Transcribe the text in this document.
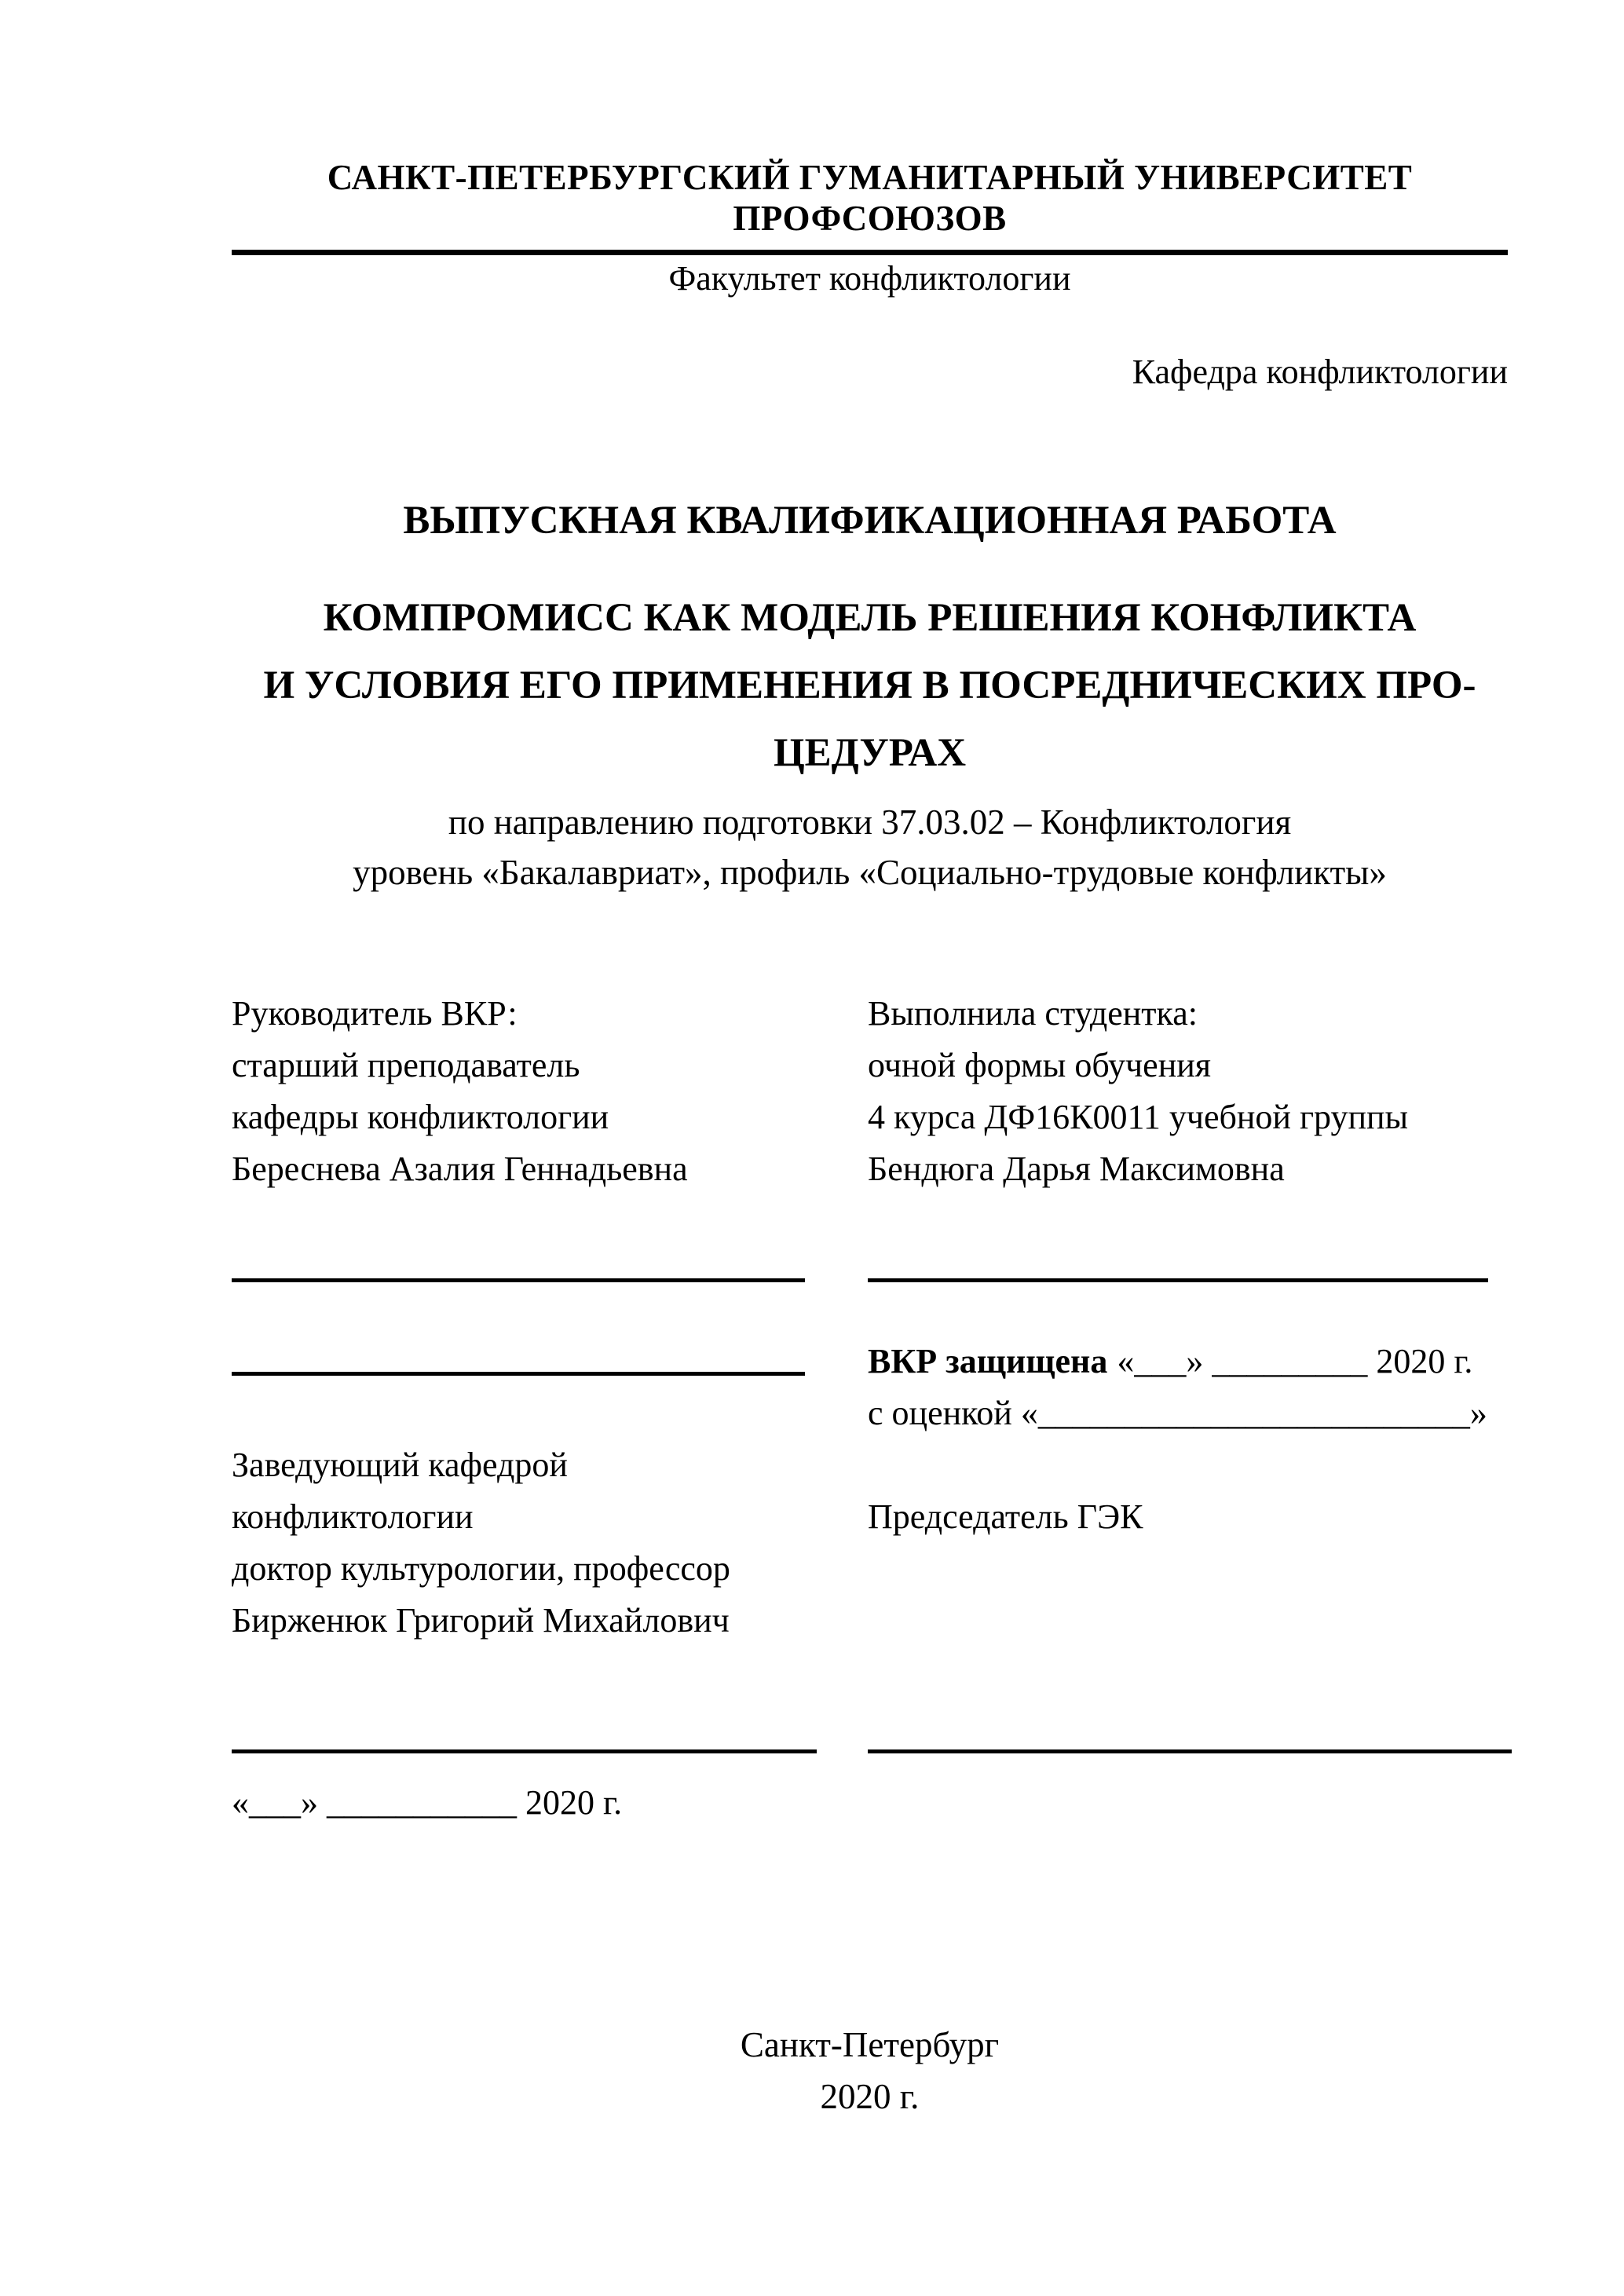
САНКТ-ПЕТЕРБУРГСКИЙ ГУМАНИТАРНЫЙ УНИВЕРСИТЕТ ПРОФСОЮЗОВ
Факультет конфликтологии
Кафедра конфликтологии
ВЫПУСКНАЯ КВАЛИФИКАЦИОННАЯ РАБОТА
КОМПРОМИСС КАК МОДЕЛЬ РЕШЕНИЯ КОНФЛИКТА
И УСЛОВИЯ ЕГО ПРИМЕНЕНИЯ В ПОСРЕДНИЧЕСКИХ ПРО-
ЦЕДУРАХ
по направлению подготовки 37.03.02 – Конфликтология
уровень «Бакалавриат», профиль «Социально-трудовые конфликты»
Руководитель ВКР:	Выполнила студентка:
старший преподаватель	очной формы обучения
кафедры конфликтологии	4 курса ДФ16К0011 учебной группы
Береснева Азалия Геннадьевна	Бендюга Дарья Максимовна
ВКР защищена «___» _________ 2020 г.
с оценкой «_________________________»
Заведующий кафедрой
конфликтологии	Председатель ГЭК
доктор культурологии, профессор
Бирженюк Григорий Михайлович
«___» ___________ 2020 г.
Санкт-Петербург
2020 г.
